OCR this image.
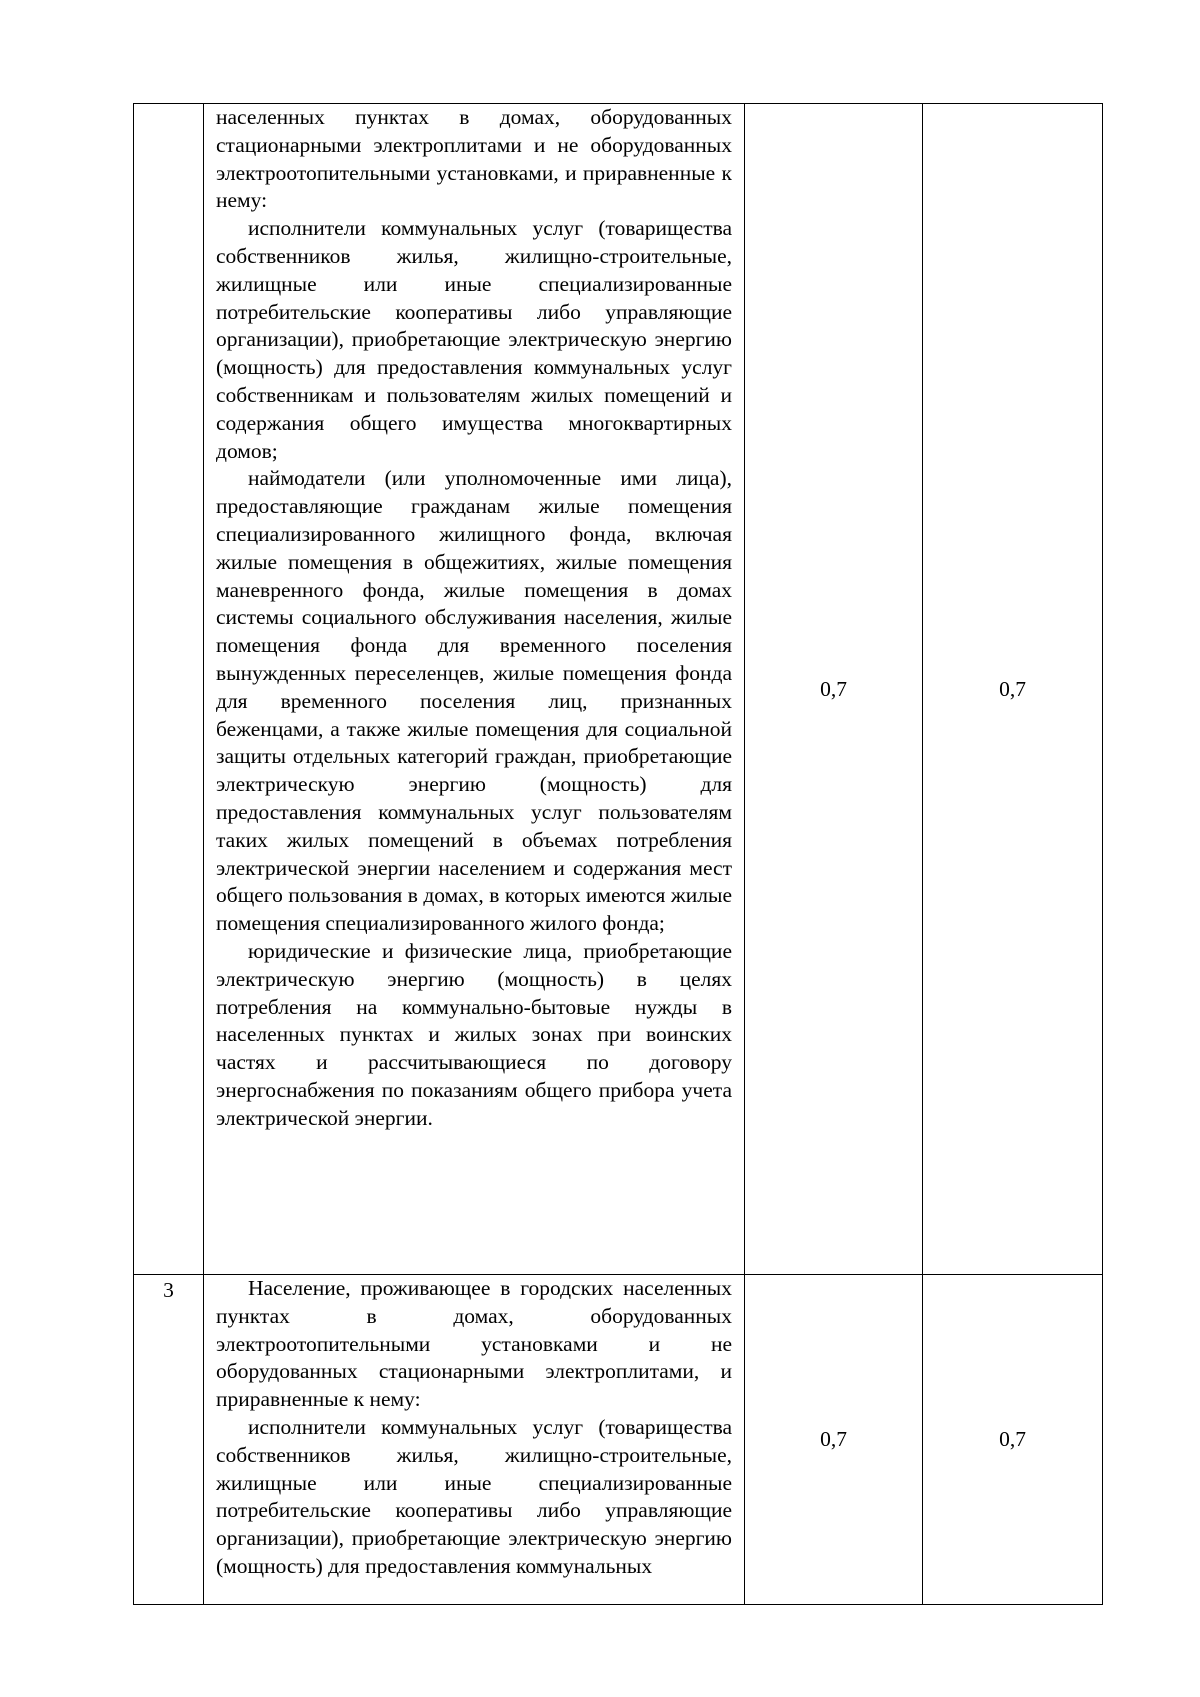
	населенных пунктах в домах, оборудованных стационарными электроплитами и не оборудованных электроотопительными установками, и приравненные к нему:

исполнители коммунальных услуг (товарищества собственников жилья, жилищно-строительные, жилищные или иные специализированные потребительские кооперативы либо управляющие организации), приобретающие электрическую энергию (мощность) для предоставления коммунальных услуг собственникам и пользователям жилых помещений и содержания общего имущества многоквартирных домов;

наймодатели (или уполномоченные ими лица), предоставляющие гражданам жилые помещения специализированного жилищного фонда, включая жилые помещения в общежитиях, жилые помещения маневренного фонда, жилые помещения в домах системы социального обслуживания населения, жилые помещения фонда для временного поселения вынужденных переселенцев, жилые помещения фонда для временного поселения лиц, признанных беженцами, а также жилые помещения для социальной защиты отдельных категорий граждан, приобретающие электрическую энергию (мощность) для предоставления коммунальных услуг пользователям таких жилых помещений в объемах потребления электрической энергии населением и содержания мест общего пользования в домах, в которых имеются жилые помещения специализированного жилого фонда;

юридические и физические лица, приобретающие электрическую энергию (мощность) в целях потребления на коммунально-бытовые нужды в населенных пунктах и жилых зонах при воинских частях и рассчитывающиеся по договору энергоснабжения по показаниям общего прибора учета электрической энергии.	0,7	0,7
3	Население, проживающее в городских населенных пунктах в домах, оборудованных электроотопительными установками и не оборудованных стационарными электроплитами, и приравненные к нему:

исполнители коммунальных услуг (товарищества собственников жилья, жилищно-строительные, жилищные или иные специализированные потребительские кооперативы либо управляющие организации), приобретающие электрическую энергию (мощность) для предоставления коммунальных	0,7	0,7
